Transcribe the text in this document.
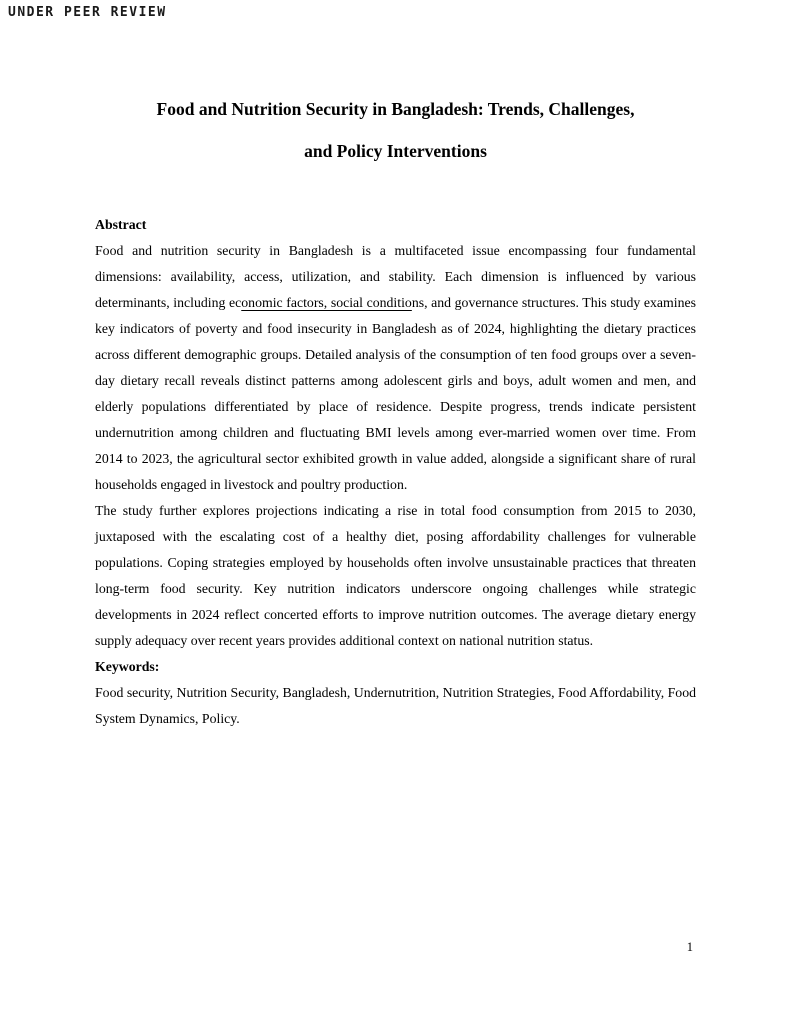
UNDER PEER REVIEW
Food and Nutrition Security in Bangladesh: Trends, Challenges,
and Policy Interventions

Abstract

Food and nutrition security in Bangladesh is a multifaceted issue encompassing four fundamental dimensions: availability, access, utilization, and stability. Each dimension is influenced by various determinants, including economic factors, social conditions, and governance structures. This study examines key indicators of poverty and food insecurity in Bangladesh as of 2024, highlighting the dietary practices across different demographic groups. Detailed analysis of the consumption of ten food groups over a seven-day dietary recall reveals distinct patterns among adolescent girls and boys, adult women and men, and elderly populations differentiated by place of residence. Despite progress, trends indicate persistent undernutrition among children and fluctuating BMI levels among ever-married women over time. From 2014 to 2023, the agricultural sector exhibited growth in value added, alongside a significant share of rural households engaged in livestock and poultry production.

The study further explores projections indicating a rise in total food consumption from 2015 to 2030, juxtaposed with the escalating cost of a healthy diet, posing affordability challenges for vulnerable populations. Coping strategies employed by households often involve unsustainable practices that threaten long-term food security. Key nutrition indicators underscore ongoing challenges while strategic developments in 2024 reflect concerted efforts to improve nutrition outcomes. The average dietary energy supply adequacy over recent years provides additional context on national nutrition status.

Keywords:

Food security, Nutrition Security, Bangladesh, Undernutrition, Nutrition Strategies, Food Affordability, Food System Dynamics, Policy.

1
